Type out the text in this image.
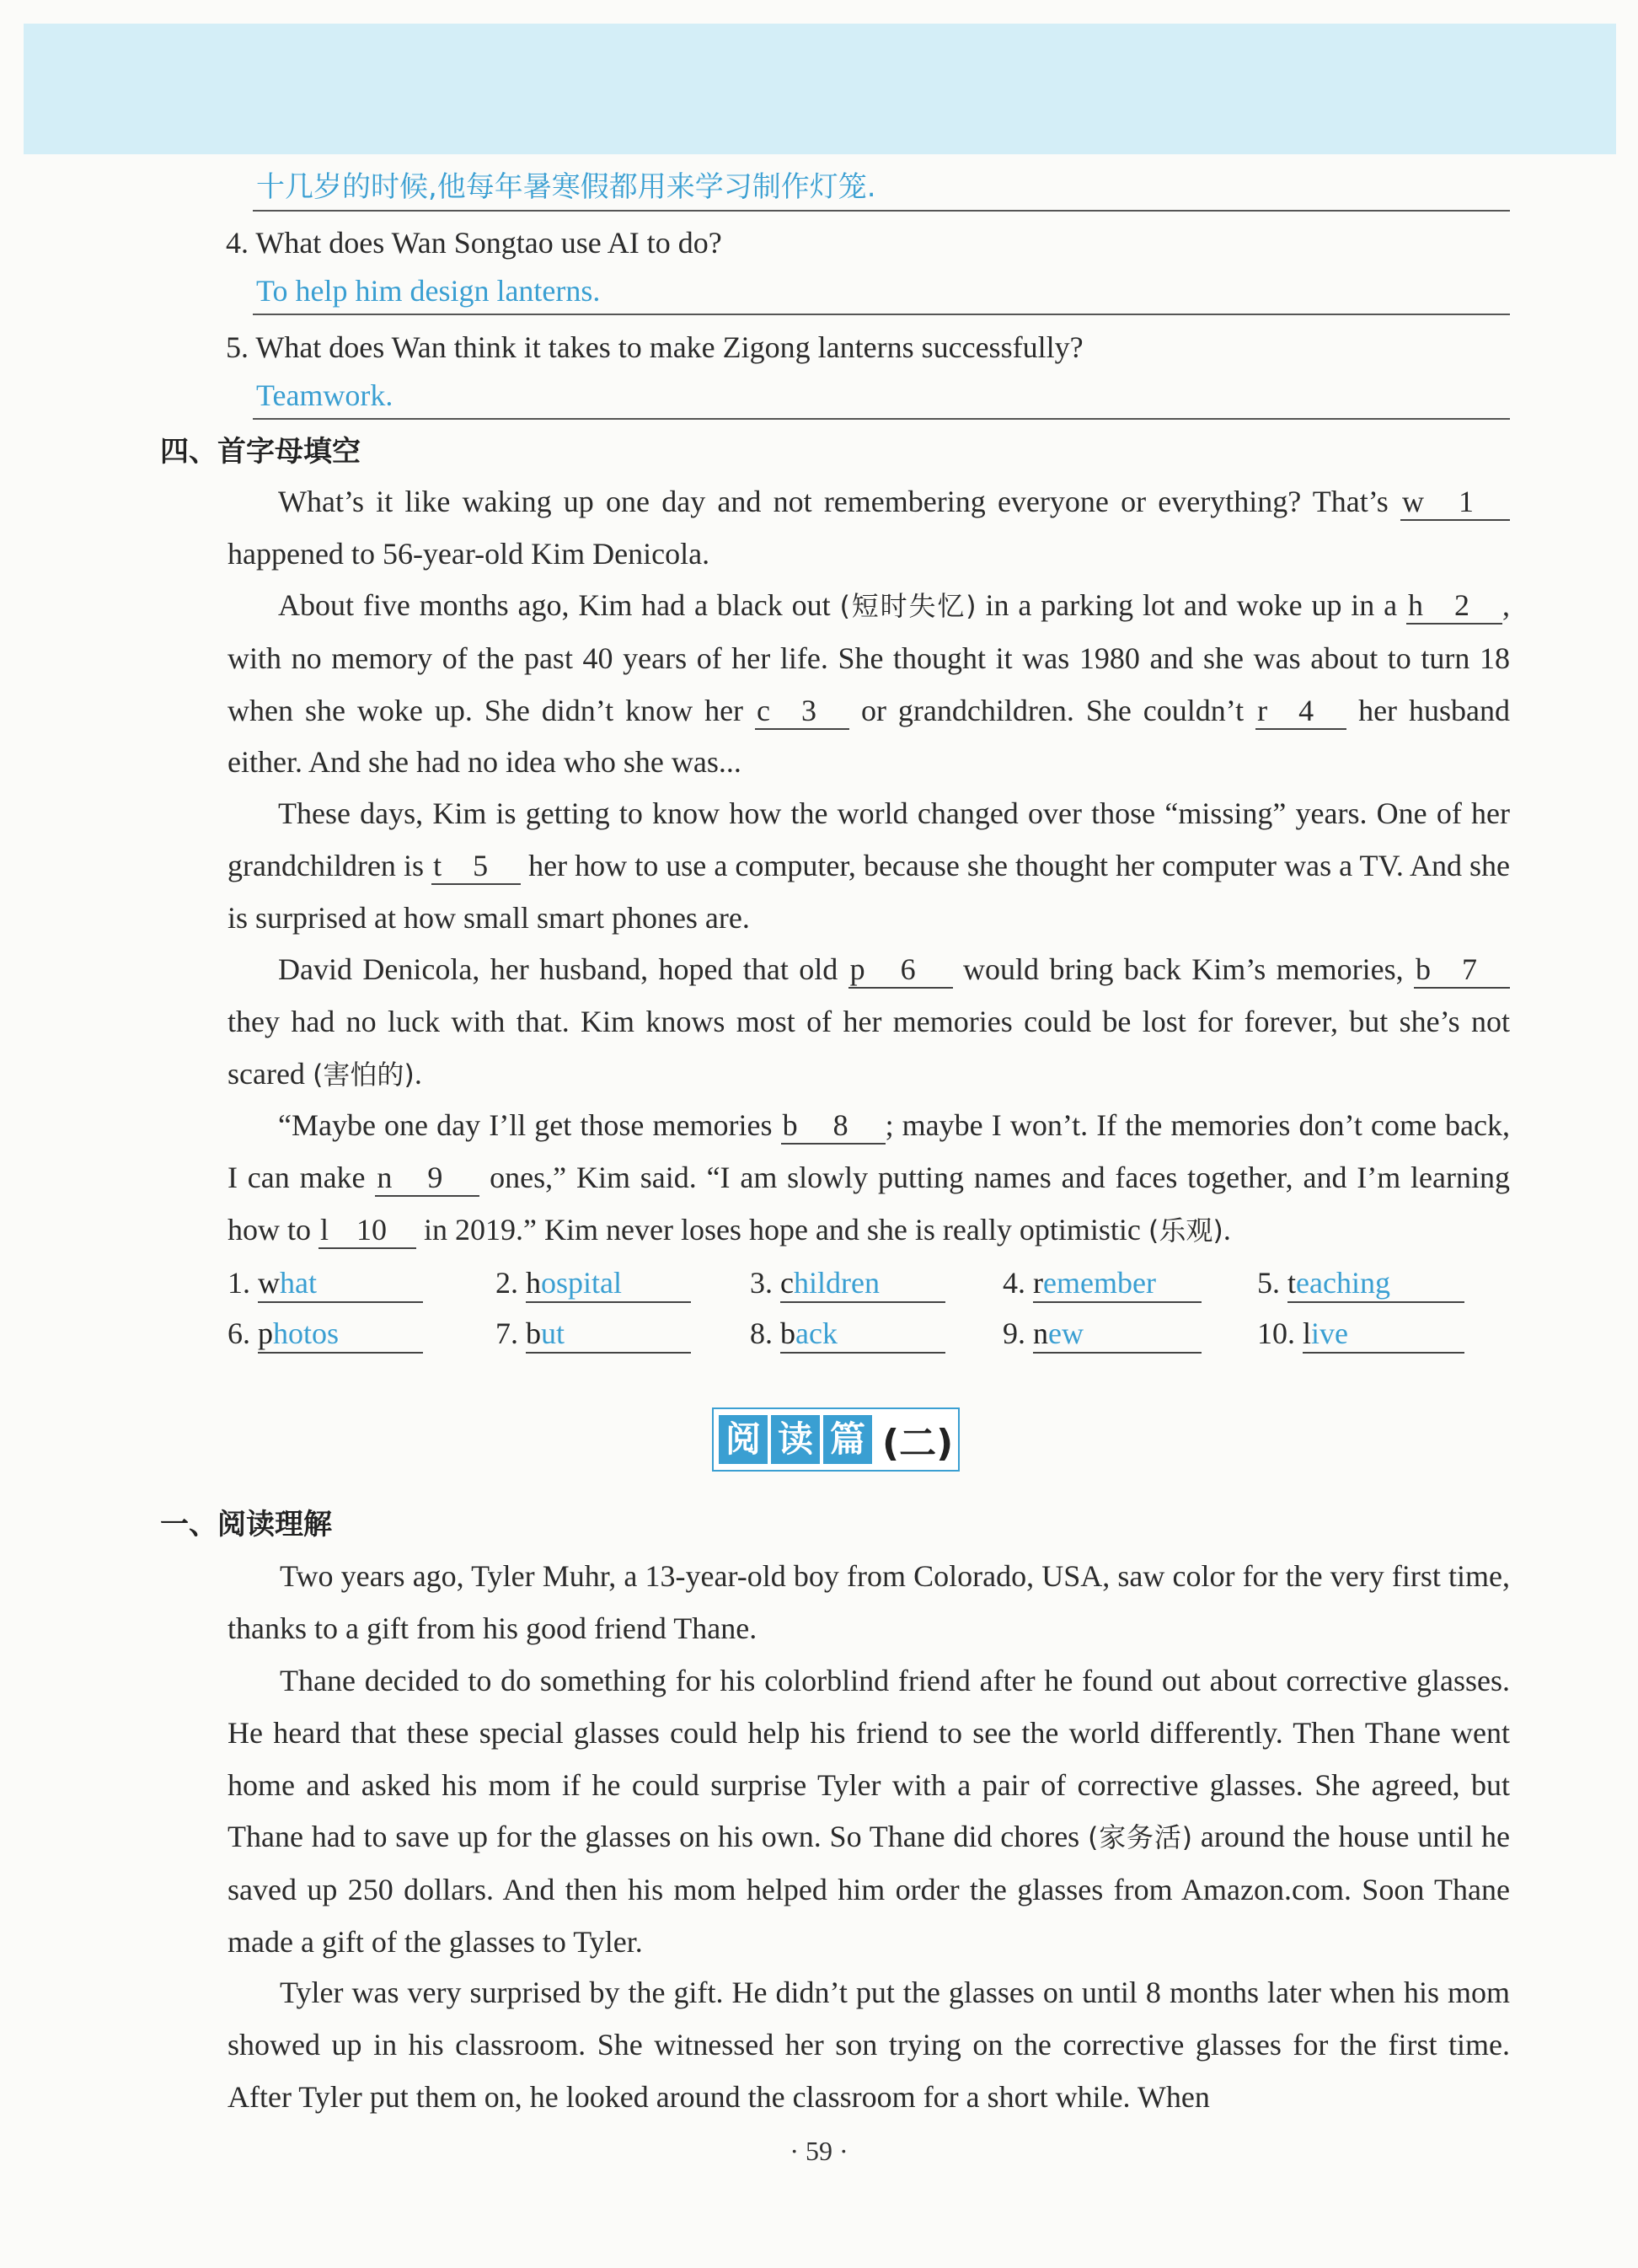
十几岁的时候,他每年暑寒假都用来学习制作灯笼.
4. What does Wan Songtao use AI to do?
To help him design lanterns.
5. What does Wan think it takes to make Zigong lanterns successfully?
Teamwork.
四、首字母填空

What’s it like waking up one day and not remembering everyone or everything? That’s w 1 happened to 56-year-old Kim Denicola.

About five months ago, Kim had a black out (短时失忆) in a parking lot and woke up in a h 2 , with no memory of the past 40 years of her life. She thought it was 1980 and she was about to turn 18 when she woke up. She didn’t know her c 3 or grandchildren. She couldn’t r 4 her husband either. And she had no idea who she was...

These days, Kim is getting to know how the world changed over those “missing” years. One of her grandchildren is t 5 her how to use a computer, because she thought her computer was a TV. And she is surprised at how small smart phones are.

David Denicola, her husband, hoped that old p 6 would bring back Kim’s memories, b 7 they had no luck with that. Kim knows most of her memories could be lost for forever, but she’s not scared (害怕的).

“Maybe one day I’ll get those memories b 8 ; maybe I won’t. If the memories don’t come back, I can make n 9 ones,” Kim said. “I am slowly putting names and faces together, and I’m learning how to l 10 in 2019.” Kim never loses hope and she is really optimistic (乐观).

1. what	2. hospital	3. children	4. remember	5. teaching
6. photos	7. but	8. back	9. new	10. live
阅 读 篇 (二)
一、阅读理解

Two years ago, Tyler Muhr, a 13-year-old boy from Colorado, USA, saw color for the very first time, thanks to a gift from his good friend Thane.

Thane decided to do something for his colorblind friend after he found out about corrective glasses. He heard that these special glasses could help his friend to see the world differently. Then Thane went home and asked his mom if he could surprise Tyler with a pair of corrective glasses. She agreed, but Thane had to save up for the glasses on his own. So Thane did chores (家务活) around the house until he saved up 250 dollars. And then his mom helped him order the glasses from Amazon.com. Soon Thane made a gift of the glasses to Tyler.

Tyler was very surprised by the gift. He didn’t put the glasses on until 8 months later when his mom showed up in his classroom. She witnessed her son trying on the corrective glasses for the first time. After Tyler put them on, he looked around the classroom for a short while. When

· 59 ·
